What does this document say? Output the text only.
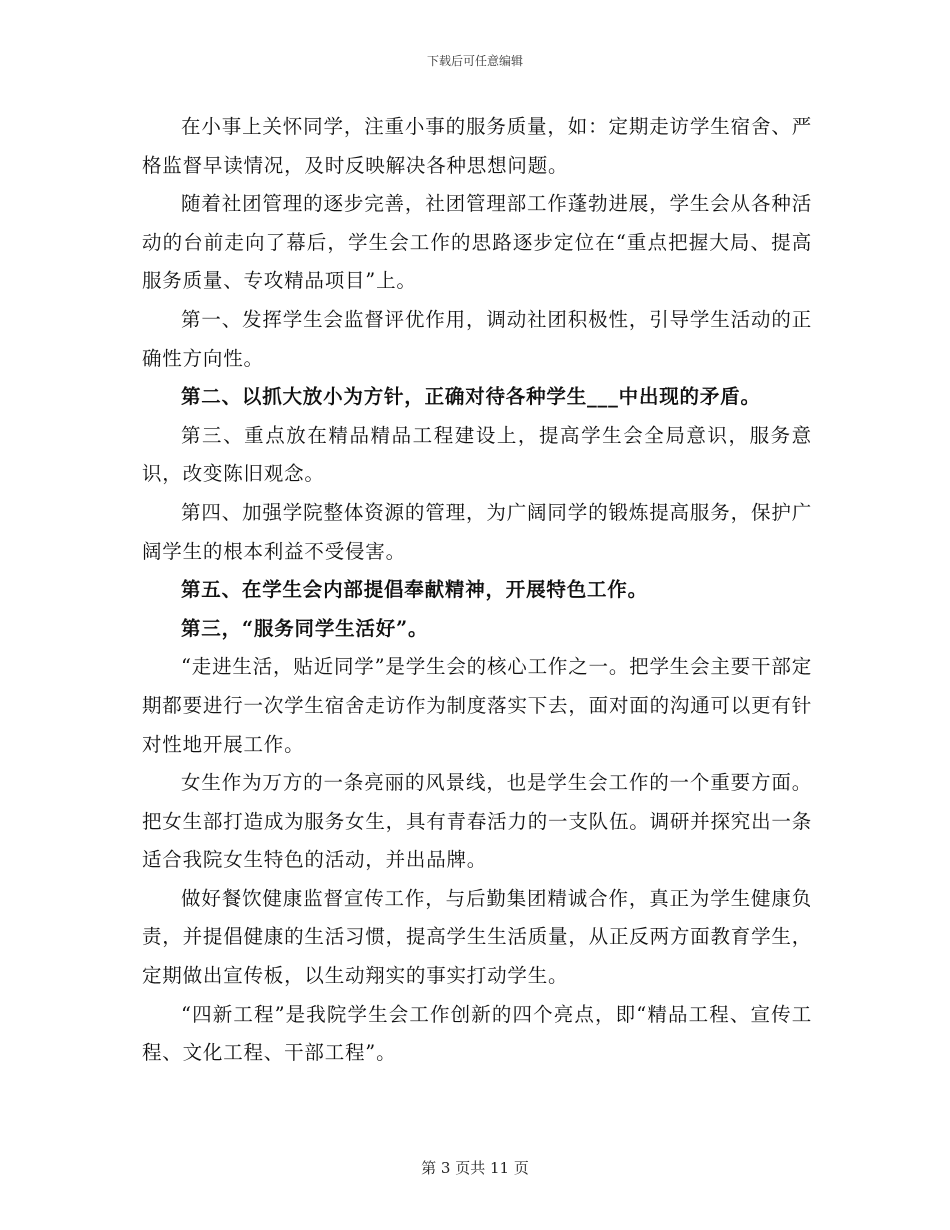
下载后可任意编辑

在小事上关怀同学，注重小事的服务质量，如：定期走访学生宿舍、严格监督早读情况，及时反映解决各种思想问题。

随着社团管理的逐步完善，社团管理部工作蓬勃进展，学生会从各种活动的台前走向了幕后，学生会工作的思路逐步定位在“重点把握大局、提高服务质量、专攻精品项目”上。

第一、发挥学生会监督评优作用，调动社团积极性，引导学生活动的正确性方向性。

第二、以抓大放小为方针，正确对待各种学生___中出现的矛盾。

第三、重点放在精品精品工程建设上，提高学生会全局意识，服务意识，改变陈旧观念。

第四、加强学院整体资源的管理，为广阔同学的锻炼提高服务，保护广阔学生的根本利益不受侵害。

第五、在学生会内部提倡奉献精神，开展特色工作。

第三，“服务同学生活好”。

“走进生活，贴近同学”是学生会的核心工作之一。把学生会主要干部定期都要进行一次学生宿舍走访作为制度落实下去，面对面的沟通可以更有针对性地开展工作。

女生作为万方的一条亮丽的风景线，也是学生会工作的一个重要方面。把女生部打造成为服务女生，具有青春活力的一支队伍。调研并探究出一条适合我院女生特色的活动，并出品牌。

做好餐饮健康监督宣传工作，与后勤集团精诚合作，真正为学生健康负责，并提倡健康的生活习惯，提高学生生活质量，从正反两方面教育学生，定期做出宣传板，以生动翔实的事实打动学生。

“四新工程”是我院学生会工作创新的四个亮点，即“精品工程、宣传工程、文化工程、干部工程”。

第 3 页共 11 页
